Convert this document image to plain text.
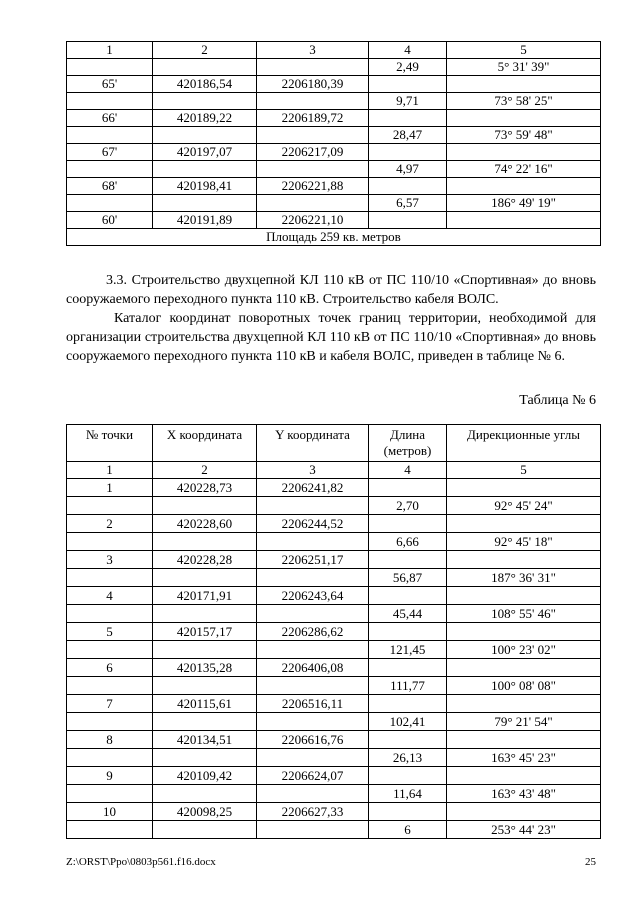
1	2	3	4	5
			2,49	5° 31' 39"
65'	420186,54	2206180,39		
			9,71	73° 58' 25"
66'	420189,22	2206189,72		
			28,47	73° 59' 48"
67'	420197,07	2206217,09		
			4,97	74° 22' 16"
68'	420198,41	2206221,88		
			6,57	186° 49' 19"
60'	420191,89	2206221,10		
Площадь 259 кв. метров				

3.3. Строительство двухцепной КЛ 110 кВ от ПС 110/10 «Спортивная» до вновь сооружаемого переходного пункта 110 кВ. Строительство кабеля ВОЛС.

Каталог координат поворотных точек границ территории, необходимой для организации строительства двухцепной КЛ 110 кВ от ПС 110/10 «Спортивная» до вновь сооружаемого переходного пункта 110 кВ и кабеля ВОЛС, приведен в таблице № 6.

Таблица № 6
№ точки	X координата	Y координата	Длина (метров)	Дирекционные углы
1	2	3	4	5
1	420228,73	2206241,82		
			2,70	92° 45' 24"
2	420228,60	2206244,52		
			6,66	92° 45' 18"
3	420228,28	2206251,17		
			56,87	187° 36' 31"
4	420171,91	2206243,64		
			45,44	108° 55' 46"
5	420157,17	2206286,62		
			121,45	100° 23' 02"
6	420135,28	2206406,08		
			111,77	100° 08' 08"
7	420115,61	2206516,11		
			102,41	79° 21' 54"
8	420134,51	2206616,76		
			26,13	163° 45' 23"
9	420109,42	2206624,07		
			11,64	163° 43' 48"
10	420098,25	2206627,33		
			6	253° 44' 23"
Z:\ORST\Ppo\0803p561.f16.docx	25
